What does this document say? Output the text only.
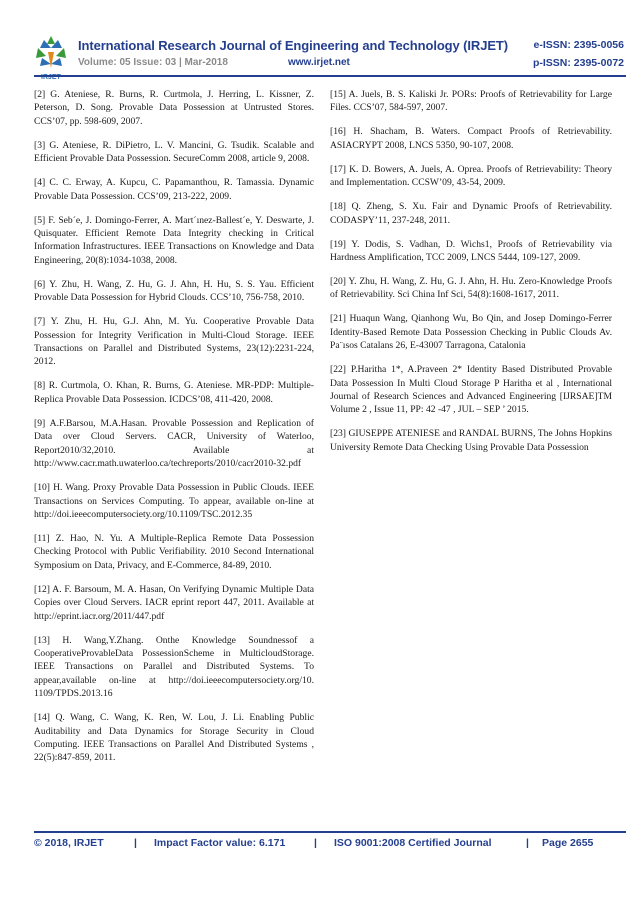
IRJET
International Research Journal of Engineering and Technology (IRJET) e-ISSN: 2395-0056
Volume: 05 Issue: 03 | Mar-2018	www.irjet.net	p-ISSN: 2395-0072

[2] G. Ateniese, R. Burns, R. Curtmola, J. Herring, L. Kissner, Z. Peterson, D. Song. Provable Data Possession at Untrusted Stores. CCS’07, pp. 598-609, 2007.

[3] G. Ateniese, R. DiPietro, L. V. Mancini, G. Tsudik. Scalable and Efficient Provable Data Possession. SecureComm 2008, article 9, 2008.

[4] C. C. Erway, A. Kupcu, C. Papamanthou, R. Tamassia. Dynamic Provable Data Possession. CCS’09, 213-222, 2009.

[5] F. Seb´e, J. Domingo-Ferrer, A. Mart´ınez-Ballest´e, Y. Deswarte, J. Quisquater. Efficient Remote Data Integrity checking in Critical Information Infrastructures. IEEE Transactions on Knowledge and Data Engineering, 20(8):1034-1038, 2008.

[6] Y. Zhu, H. Wang, Z. Hu, G. J. Ahn, H. Hu, S. S. Yau. Efficient Provable Data Possession for Hybrid Clouds. CCS’10, 756-758, 2010.

[7] Y. Zhu, H. Hu, G.J. Ahn, M. Yu. Cooperative Provable Data Possession for Integrity Verification in Multi-Cloud Storage. IEEE Transactions on Parallel and Distributed Systems, 23(12):2231-224, 2012.

[8] R. Curtmola, O. Khan, R. Burns, G. Ateniese. MR-PDP: Multiple-Replica Provable Data Possession. ICDCS’08, 411-420, 2008.

[9] A.F.Barsou, M.A.Hasan. Provable Possession and Replication of Data over Cloud Servers. CACR, University of Waterloo, Report2010/32,2010. Available at http://www.cacr.math.uwaterloo.ca/techreports/2010/cacr2010-32.pdf

[10] H. Wang. Proxy Provable Data Possession in Public Clouds. IEEE Transactions on Services Computing. To appear, available on-line at http://doi.ieeecomputersociety.org/10.1109/TSC.2012.35

[11] Z. Hao, N. Yu. A Multiple-Replica Remote Data Possession Checking Protocol with Public Verifiability. 2010 Second International Symposium on Data, Privacy, and E-Commerce, 84-89, 2010.

[12] A. F. Barsoum, M. A. Hasan, On Verifying Dynamic Multiple Data Copies over Cloud Servers. IACR eprint report 447, 2011. Available at http://eprint.iacr.org/2011/447.pdf

[13] H. Wang,Y.Zhang. Onthe Knowledge Soundnessof a CooperativeProvableData PossessionScheme in MulticloudStorage. IEEE Transactions on Parallel and Distributed Systems. To appear,available on-line at http://doi.ieeecomputersociety.org/10. 1109/TPDS.2013.16

[14] Q. Wang, C. Wang, K. Ren, W. Lou, J. Li. Enabling Public Auditability and Data Dynamics for Storage Security in Cloud Computing. IEEE Transactions on Parallel And Distributed Systems , 22(5):847-859, 2011.

[15] A. Juels, B. S. Kaliski Jr. PORs: Proofs of Retrievability for Large Files. CCS’07, 584-597, 2007.

[16] H. Shacham, B. Waters. Compact Proofs of Retrievability. ASIACRYPT 2008, LNCS 5350, 90-107, 2008.

[17] K. D. Bowers, A. Juels, A. Oprea. Proofs of Retrievability: Theory and Implementation. CCSW’09, 43-54, 2009.

[18] Q. Zheng, S. Xu. Fair and Dynamic Proofs of Retrievability. CODASPY’11, 237-248, 2011.

[19] Y. Dodis, S. Vadhan, D. Wichs1, Proofs of Retrievability via Hardness Amplification, TCC 2009, LNCS 5444, 109-127, 2009.

[20] Y. Zhu, H. Wang, Z. Hu, G. J. Ahn, H. Hu. Zero-Knowledge Proofs of Retrievability. Sci China Inf Sci, 54(8):1608-1617, 2011.

[21] Huaqun Wang, Qianhong Wu, Bo Qin, and Josep Domingo-Ferrer Identity-Based Remote Data Possession Checking in Public Clouds Av. Pa¨ısos Catalans 26, E-43007 Tarragona, Catalonia

[22] P.Haritha 1*, A.Praveen 2* Identity Based Distributed Provable Data Possession In Multi Cloud Storage P Haritha et al , International Journal of Research Sciences and Advanced Engineering [IJRSAE]TM Volume 2 , Issue 11, PP: 42 -47 , JUL – SEP ’ 2015.

[23] GIUSEPPE ATENIESE and RANDAL BURNS, The Johns Hopkins University Remote Data Checking Using Provable Data Possession

© 2018, IRJET	| Impact Factor value: 6.171	| ISO 9001:2008 Certified Journal	| Page 2655
